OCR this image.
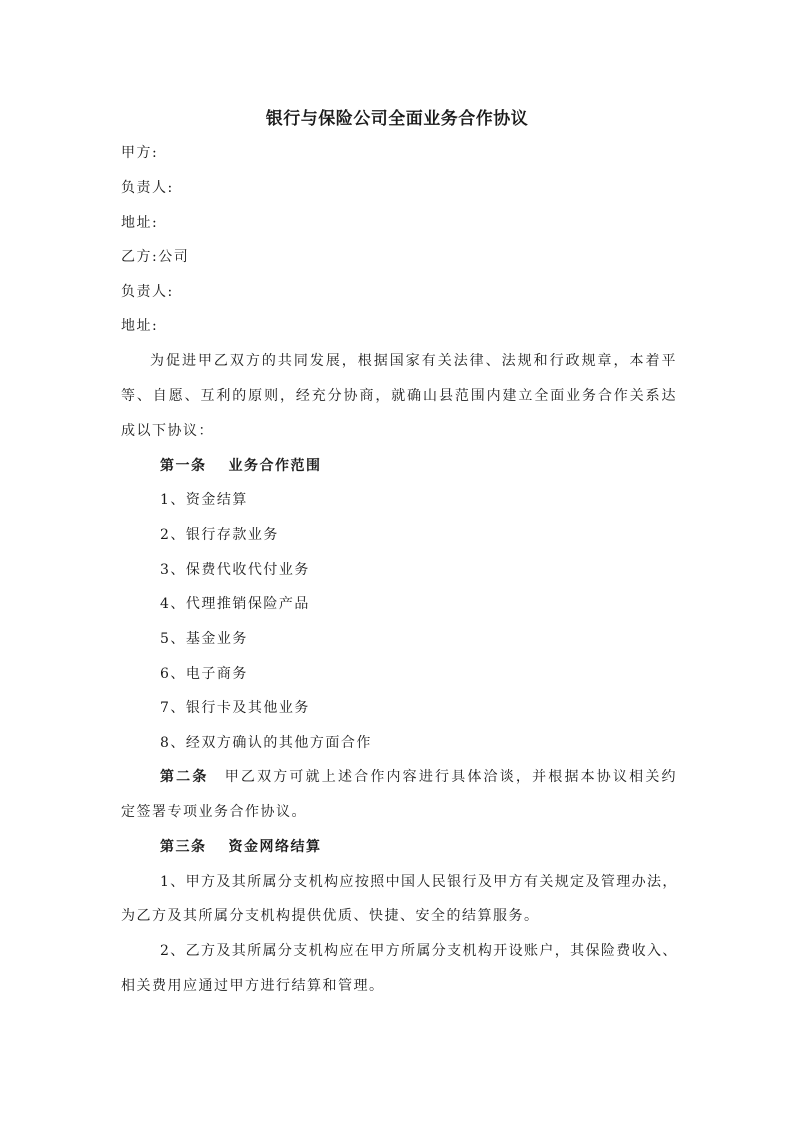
银行与保险公司全面业务合作协议
甲方:
负责人:
地址:
乙方:公司
负责人:
地址:
为促进甲乙双方的共同发展，根据国家有关法律、法规和行政规章，本着平
等、自愿、互利的原则，经充分协商，就确山县范围内建立全面业务合作关系达
成以下协议：
第一条 业务合作范围
1、资金结算
2、银行存款业务
3、保费代收代付业务
4、代理推销保险产品
5、基金业务
6、电子商务
7、银行卡及其他业务
8、经双方确认的其他方面合作
第二条  甲乙双方可就上述合作内容进行具体洽谈，并根据本协议相关约
定签署专项业务合作协议。
第三条 资金网络结算
1、甲方及其所属分支机构应按照中国人民银行及甲方有关规定及管理办法，
为乙方及其所属分支机构提供优质、快捷、安全的结算服务。
2、乙方及其所属分支机构应在甲方所属分支机构开设账户，其保险费收入、
相关费用应通过甲方进行结算和管理。
